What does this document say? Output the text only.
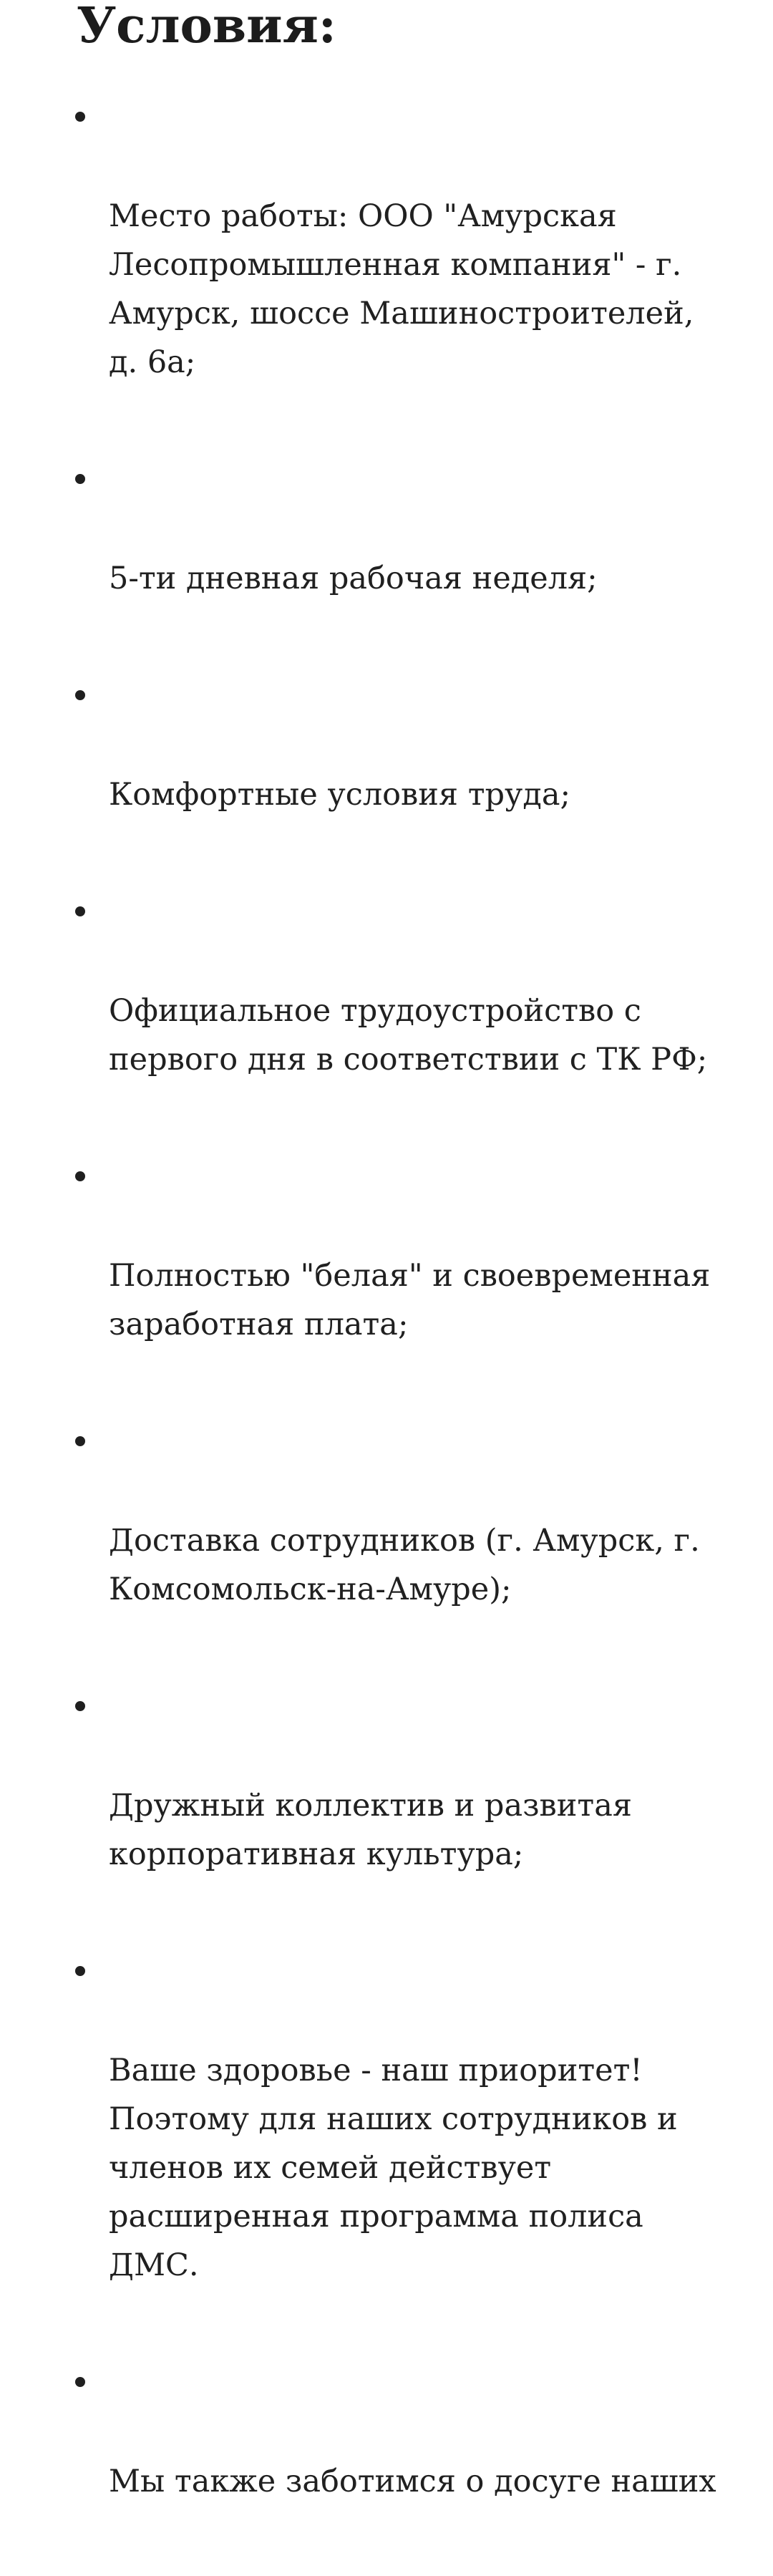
Условия:

Место работы: ООО "Амурская
Лесопромышленная компания" - г.
Амурск, шоссе Машиностроителей,
д. 6а;

5-ти дневная рабочая неделя;

Комфортные условия труда;

Официальное трудоустройство с
первого дня в соответствии с ТК РФ;

Полностью "белая" и своевременная
заработная плата;

Доставка сотрудников (г. Амурск, г.
Комсомольск-на-Амуре);

Дружный коллектив и развитая
корпоративная культура;

Ваше здоровье - наш приоритет!
Поэтому для наших сотрудников и
членов их семей действует
расширенная программа полиса
ДМС.

Мы также заботимся о досуге наших
